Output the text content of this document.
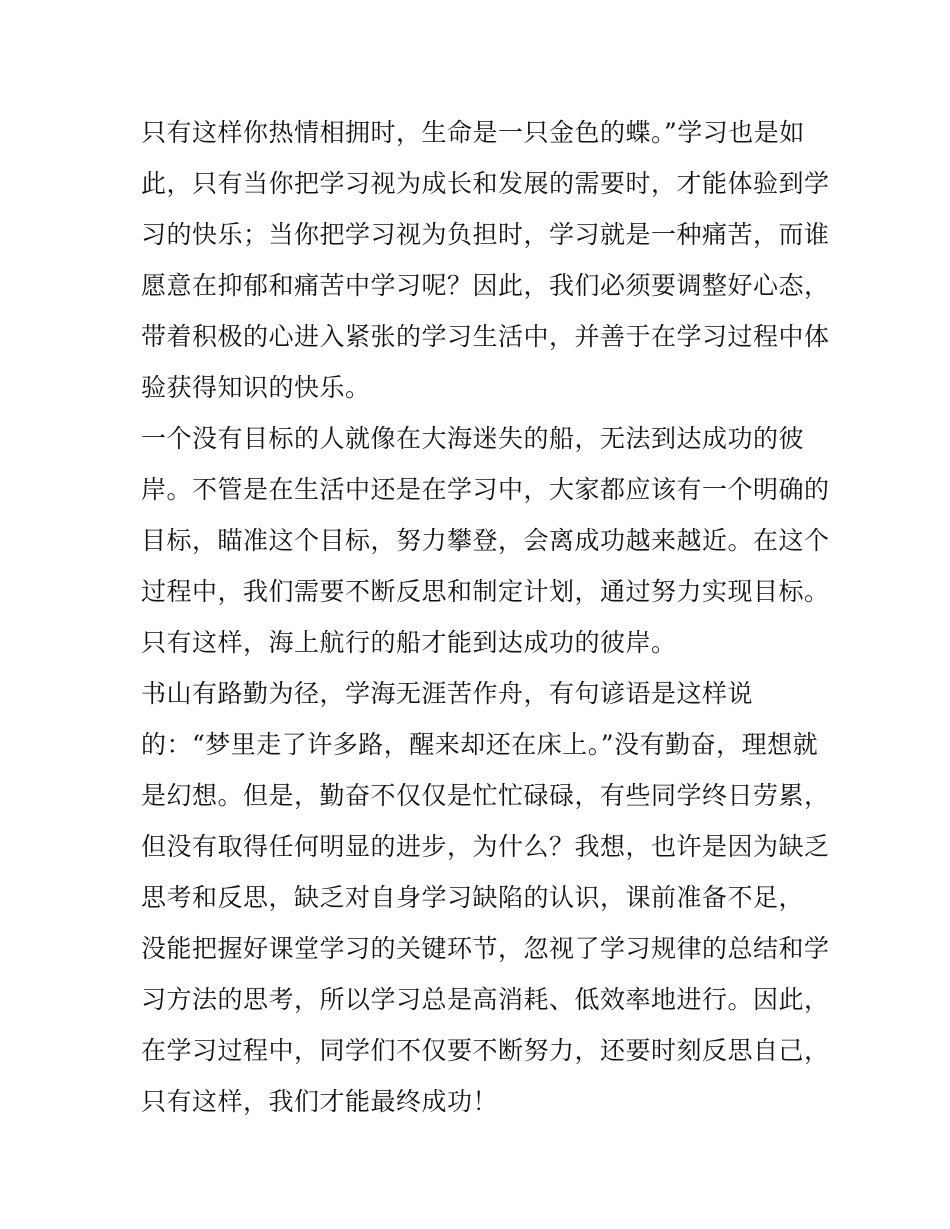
只有这样你热情相拥时，生命是一只金色的蝶。”学习也是如
此，只有当你把学习视为成长和发展的需要时，才能体验到学
习的快乐；当你把学习视为负担时，学习就是一种痛苦，而谁
愿意在抑郁和痛苦中学习呢？因此，我们必须要调整好心态，
带着积极的心进入紧张的学习生活中，并善于在学习过程中体
验获得知识的快乐。
一个没有目标的人就像在大海迷失的船，无法到达成功的彼
岸。不管是在生活中还是在学习中，大家都应该有一个明确的
目标，瞄准这个目标，努力攀登，会离成功越来越近。在这个
过程中，我们需要不断反思和制定计划，通过努力实现目标。
只有这样，海上航行的船才能到达成功的彼岸。
书山有路勤为径，学海无涯苦作舟，有句谚语是这样说
的：“梦里走了许多路，醒来却还在床上。”没有勤奋，理想就
是幻想。但是，勤奋不仅仅是忙忙碌碌，有些同学终日劳累，
但没有取得任何明显的进步，为什么？我想，也许是因为缺乏
思考和反思，缺乏对自身学习缺陷的认识，课前准备不足，
没能把握好课堂学习的关键环节，忽视了学习规律的总结和学
习方法的思考，所以学习总是高消耗、低效率地进行。因此，
在学习过程中，同学们不仅要不断努力，还要时刻反思自己，
只有这样，我们才能最终成功！
